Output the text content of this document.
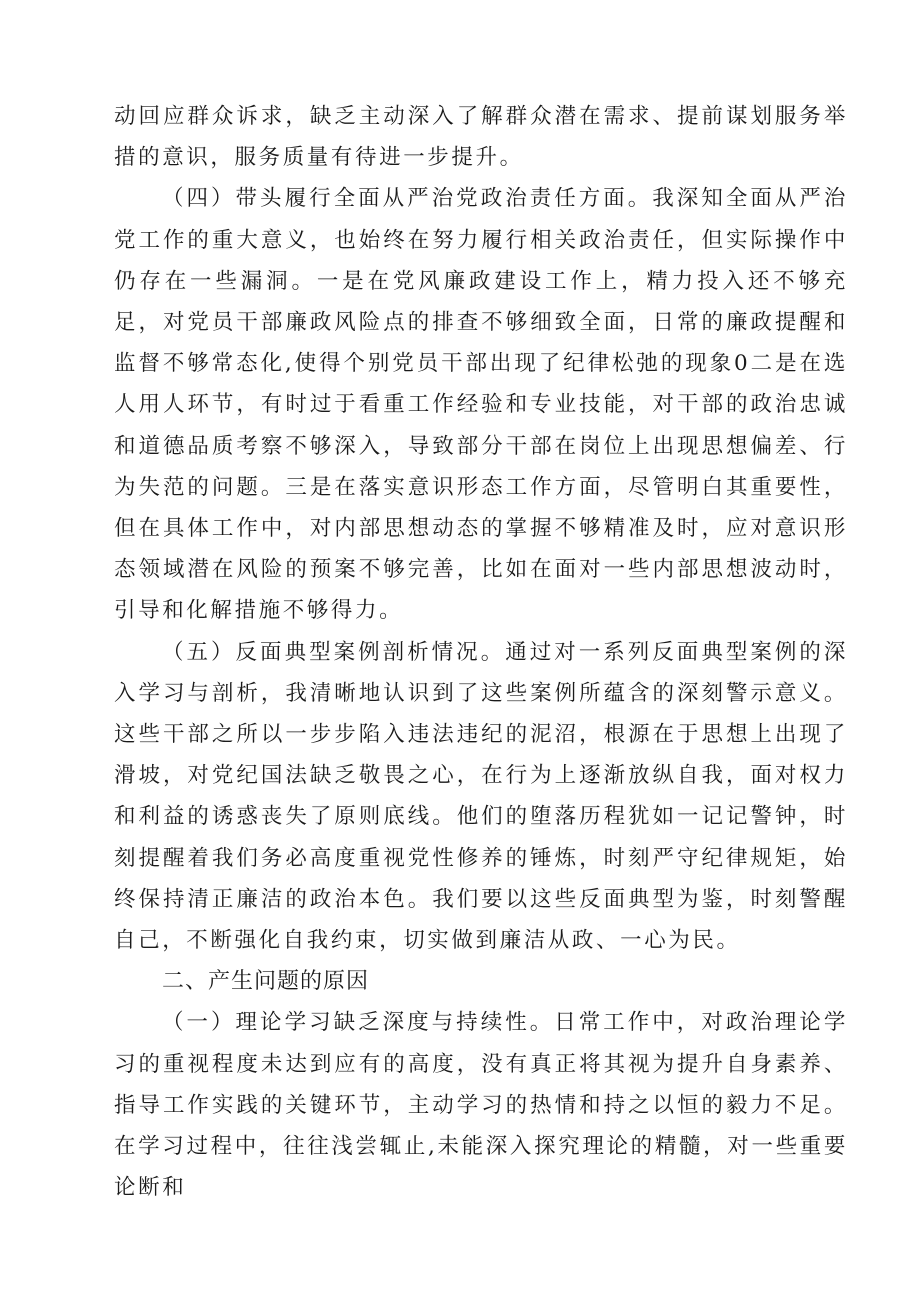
动回应群众诉求，缺乏主动深入了解群众潜在需求、提前谋划服务举措的意识，服务质量有待进一步提升。

（四）带头履行全面从严治党政治责任方面。我深知全面从严治党工作的重大意义，也始终在努力履行相关政治责任，但实际操作中仍存在一些漏洞。一是在党风廉政建设工作上，精力投入还不够充足，对党员干部廉政风险点的排查不够细致全面，日常的廉政提醒和监督不够常态化,使得个别党员干部出现了纪律松弛的现象0二是在选人用人环节，有时过于看重工作经验和专业技能，对干部的政治忠诚和道德品质考察不够深入，导致部分干部在岗位上出现思想偏差、行为失范的问题。三是在落实意识形态工作方面，尽管明白其重要性，但在具体工作中，对内部思想动态的掌握不够精准及时，应对意识形态领域潜在风险的预案不够完善，比如在面对一些内部思想波动时，引导和化解措施不够得力。

（五）反面典型案例剖析情况。通过对一系列反面典型案例的深入学习与剖析，我清晰地认识到了这些案例所蕴含的深刻警示意义。这些干部之所以一步步陷入违法违纪的泥沼，根源在于思想上出现了滑坡，对党纪国法缺乏敬畏之心，在行为上逐渐放纵自我，面对权力和利益的诱惑丧失了原则底线。他们的堕落历程犹如一记记警钟，时刻提醒着我们务必高度重视党性修养的锤炼，时刻严守纪律规矩，始终保持清正廉洁的政治本色。我们要以这些反面典型为鉴，时刻警醒自己，不断强化自我约束，切实做到廉洁从政、一心为民。

二、产生问题的原因

（一）理论学习缺乏深度与持续性。日常工作中，对政治理论学习的重视程度未达到应有的高度，没有真正将其视为提升自身素养、指导工作实践的关键环节，主动学习的热情和持之以恒的毅力不足。在学习过程中，往往浅尝辄止,未能深入探究理论的精髓，对一些重要论断和
